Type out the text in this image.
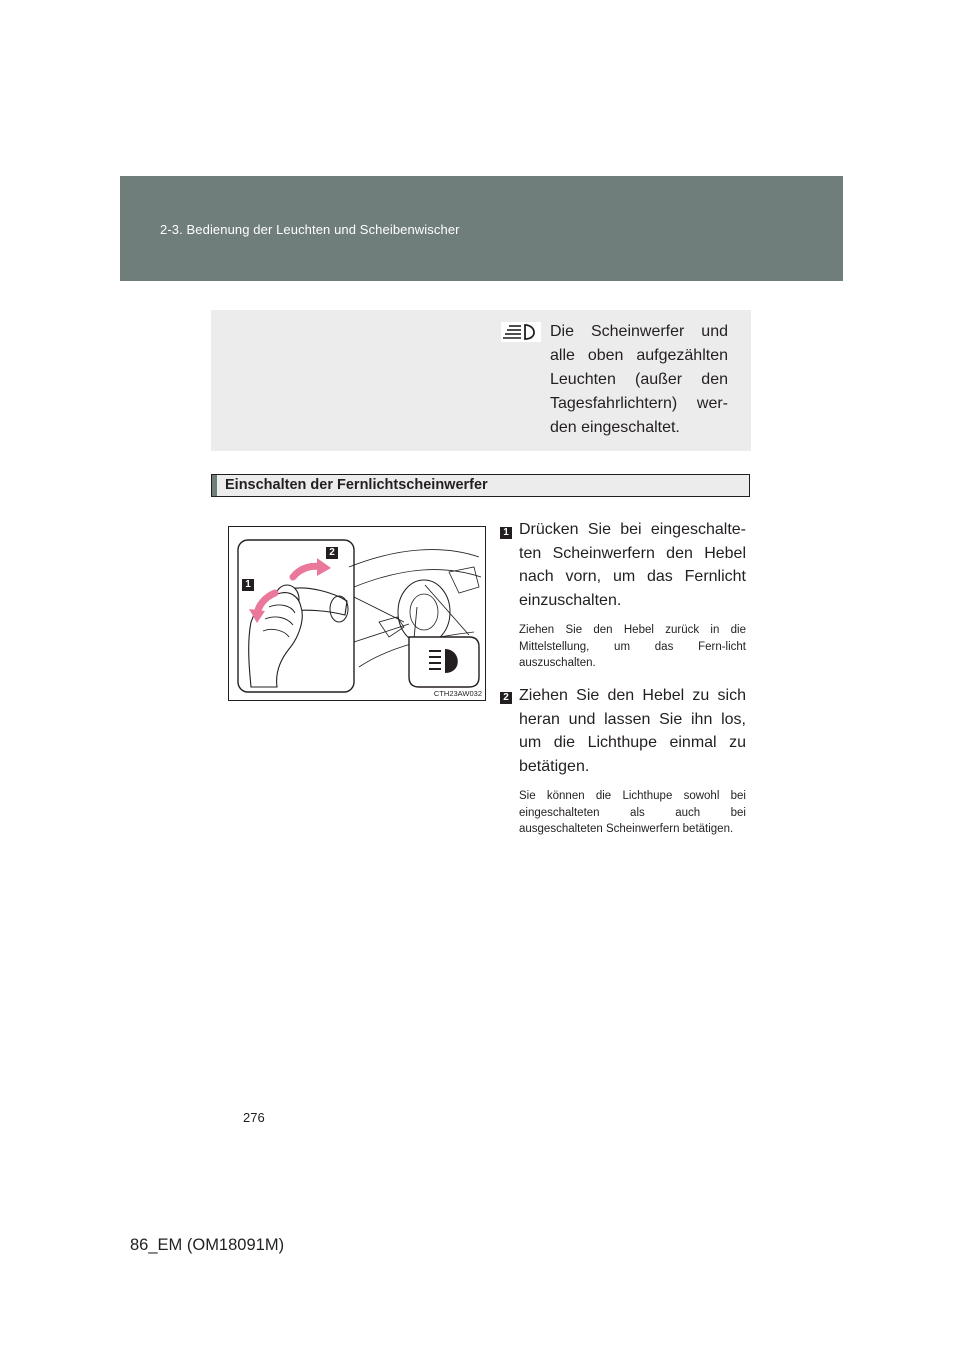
2-3. Bedienung der Leuchten und Scheibenwischer
Die Scheinwerfer und alle oben aufgezählten Leuchten (außer den Tagesfahrlichtern) wer-den eingeschaltet.
Einschalten der Fernlichtscheinwerfer
2
1
CTH23AW032
1 Drücken Sie bei eingeschalte-ten Scheinwerfern den Hebel nach vorn, um das Fernlicht einzuschalten.
Ziehen Sie den Hebel zurück in die Mittelstellung, um das Fern-licht auszuschalten.
2 Ziehen Sie den Hebel zu sich heran und lassen Sie ihn los, um die Lichthupe einmal zu betätigen.
Sie können die Lichthupe sowohl bei eingeschalteten als auch bei ausgeschalteten Scheinwerfern betätigen.
276
86_EM (OM18091M)
